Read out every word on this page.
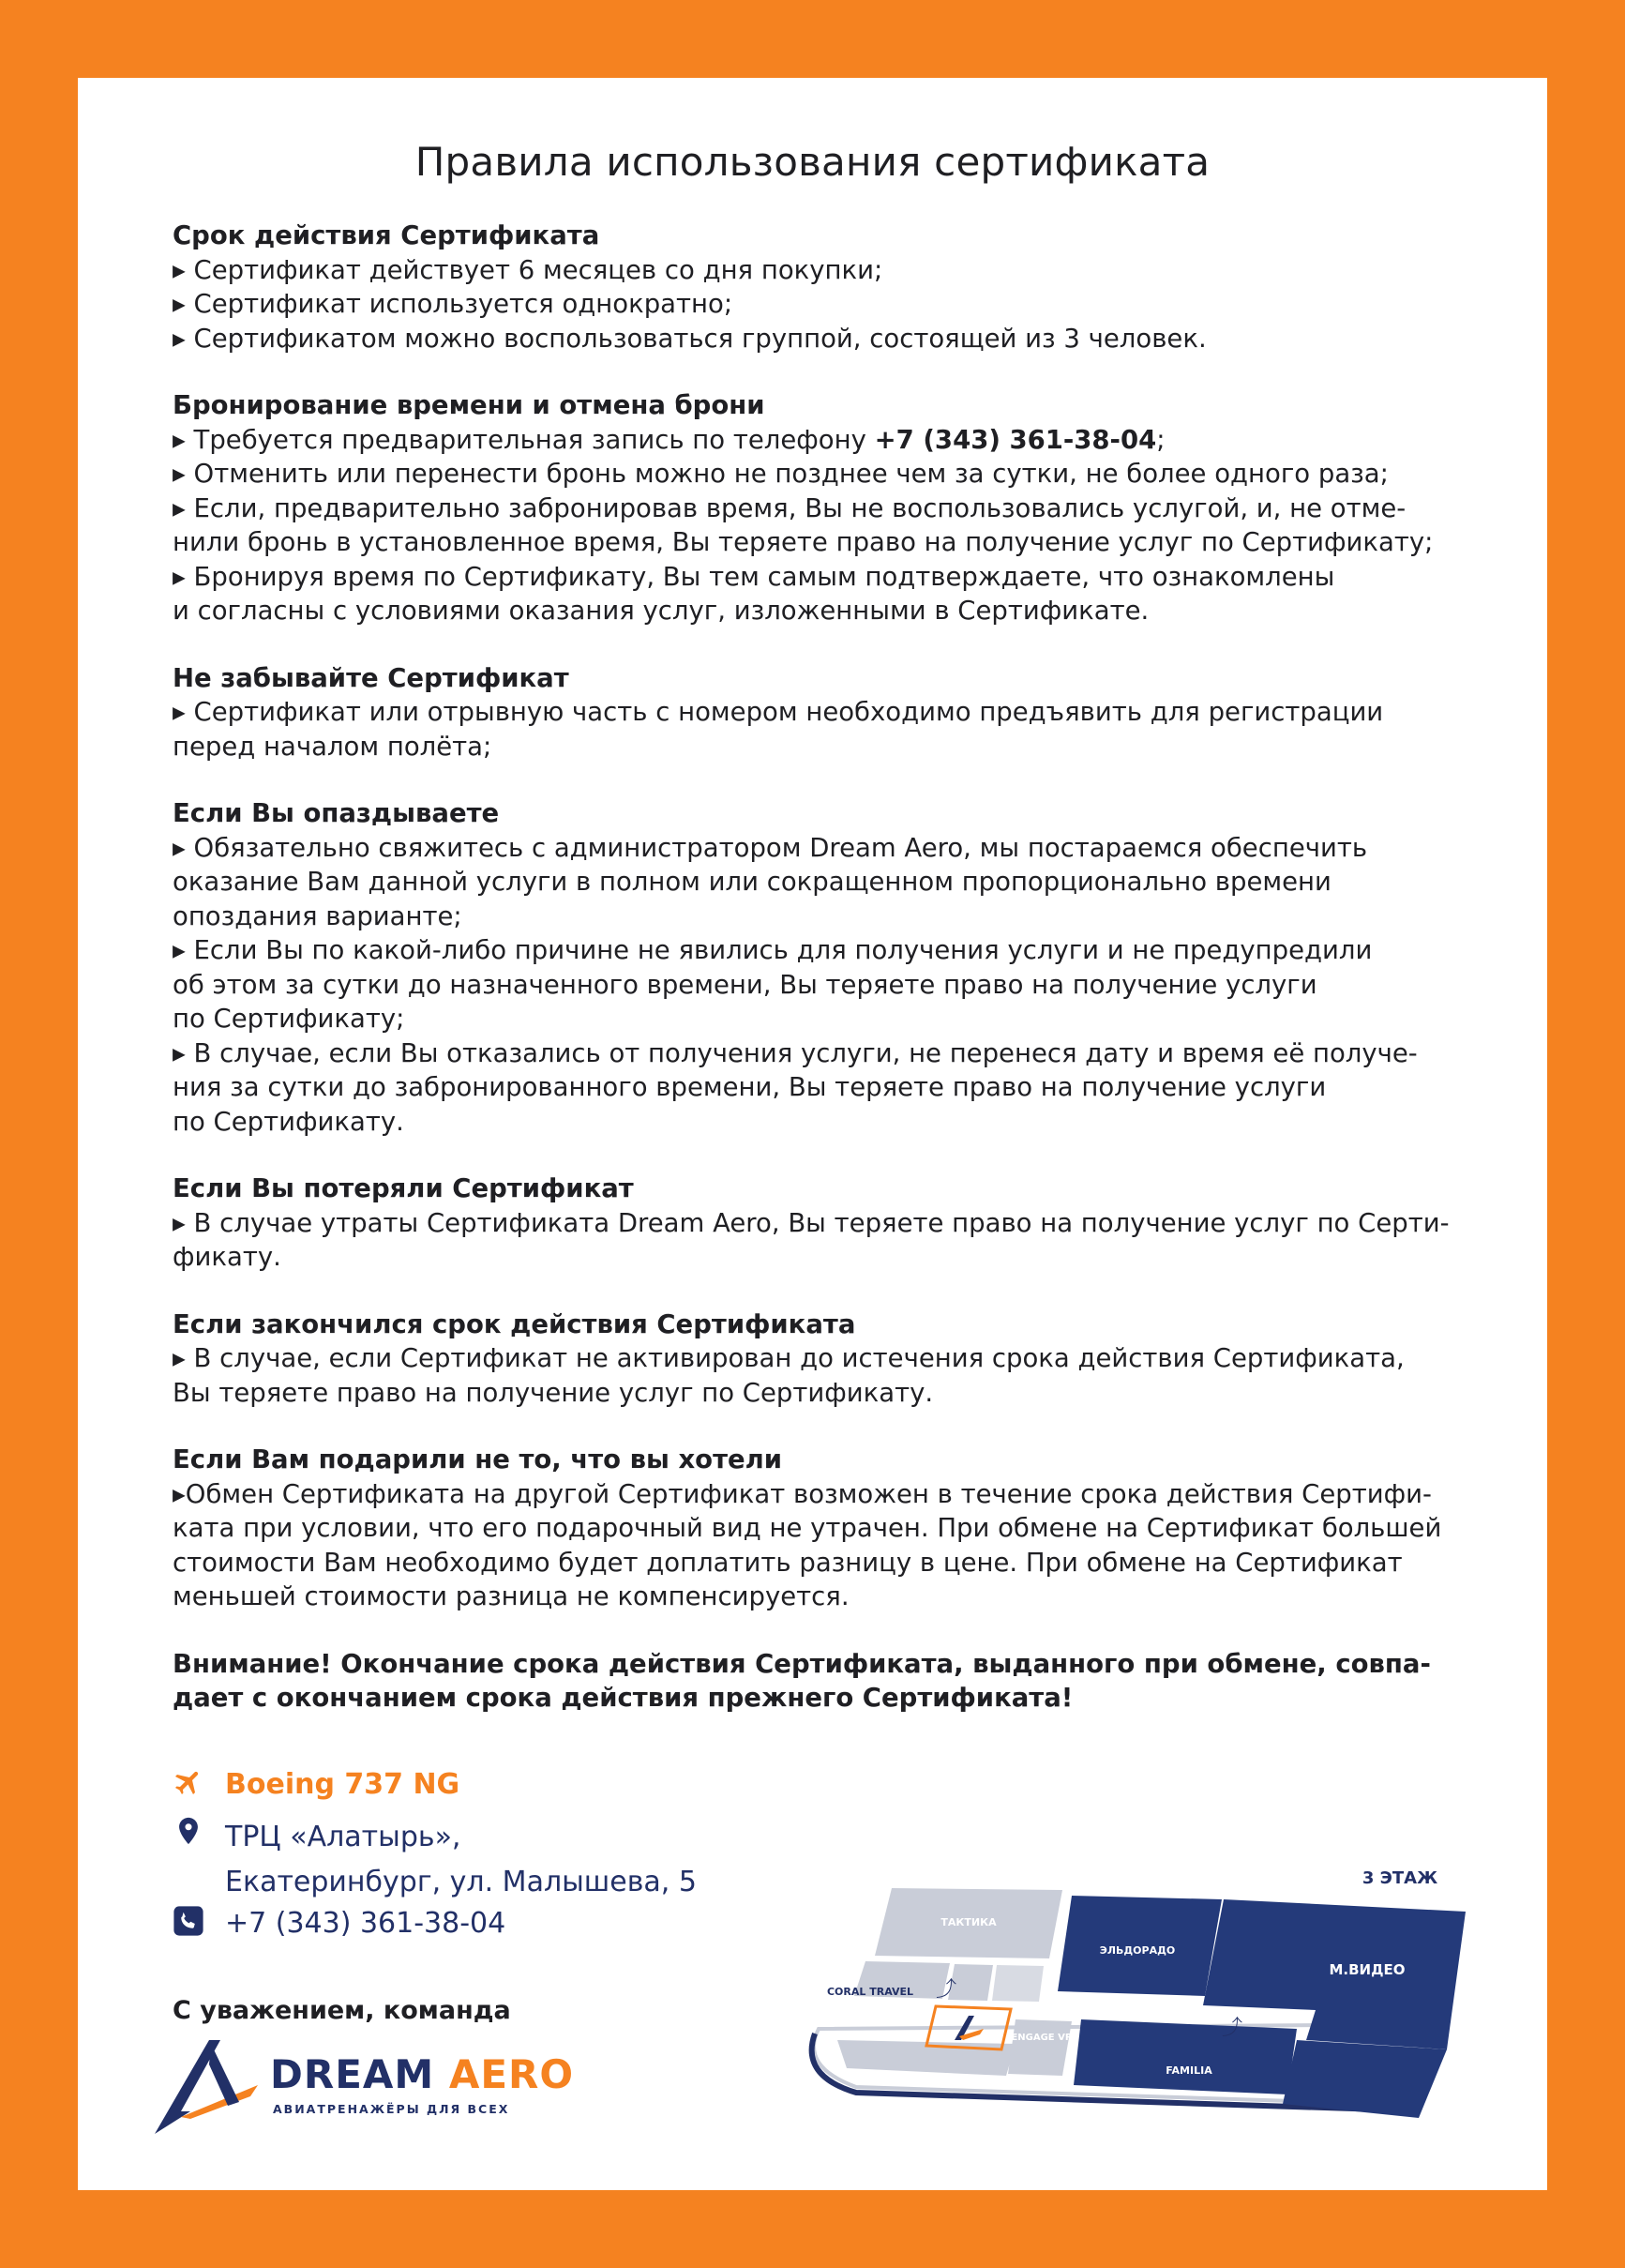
Правила использования сертификата
Срок действия Сертификата

▸ Сертификат действует 6 месяцев со дня покупки;

▸ Сертификат используется однократно;

▸ Сертификатом можно воспользоваться группой, состоящей из 3 человек.

Бронирование времени и отмена брони

▸ Требуется предварительная запись по телефону +7 (343) 361-38-04;

▸ Отменить или перенести бронь можно не позднее чем за сутки, не более одного раза;

▸ Если, предварительно забронировав время, Вы не воспользовались услугой, и, не отме-

нили бронь в установленное время, Вы теряете право на получение услуг по Сертификату;

▸ Бронируя время по Сертификату, Вы тем самым подтверждаете, что ознакомлены

и согласны с условиями оказания услуг, изложенными в Сертификате.

Не забывайте Сертификат

▸ Сертификат или отрывную часть с номером необходимо предъявить для регистрации

перед началом полёта;

Если Вы опаздываете

▸ Обязательно свяжитесь с администратором Dream Aero, мы постараемся обеспечить

оказание Вам данной услуги в полном или сокращенном пропорционально времени

опоздания варианте;

▸ Если Вы по какой-либо причине не явились для получения услуги и не предупредили

об этом за сутки до назначенного времени, Вы теряете право на получение услуги

по Сертификату;

▸ В случае, если Вы отказались от получения услуги, не перенеся дату и время её получе-

ния за сутки до забронированного времени, Вы теряете право на получение услуги

по Сертификату.

Если Вы потеряли Сертификат

▸ В случае утраты Сертификата Dream Aero, Вы теряете право на получение услуг по Серти-

фикату.

Если закончился срок действия Сертификата

▸ В случае, если Сертификат не активирован до истечения срока действия Сертификата,

Вы теряете право на получение услуг по Сертификату.

Если Вам подарили не то, что вы хотели

▸Обмен Сертификата на другой Сертификат возможен в течение срока действия Сертифи-

ката при условии, что его подарочный вид не утрачен. При обмене на Сертификат большей

стоимости Вам необходимо будет доплатить разницу в цене. При обмене на Сертификат

меньшей стоимости разница не компенсируется.

Внимание! Окончание срока действия Сертификата, выданного при обмене, совпа-

дает с окончанием срока действия прежнего Сертификата!

Boeing 737 NG
ТРЦ «Алатырь»,
Екатеринбург, ул. Малышева, 5
+7 (343) 361-38-04
С уважением, команда
DREAM AERO
АВИАТРЕНАЖЁРЫ ДЛЯ ВСЕХ
⤴
⤴
ТАКТИКА
ЭЛЬДОРАДО
CORAL TRAVEL
ENGAGE VR
М.ВИДЕО
FAMILIA
3 ЭТАЖ
